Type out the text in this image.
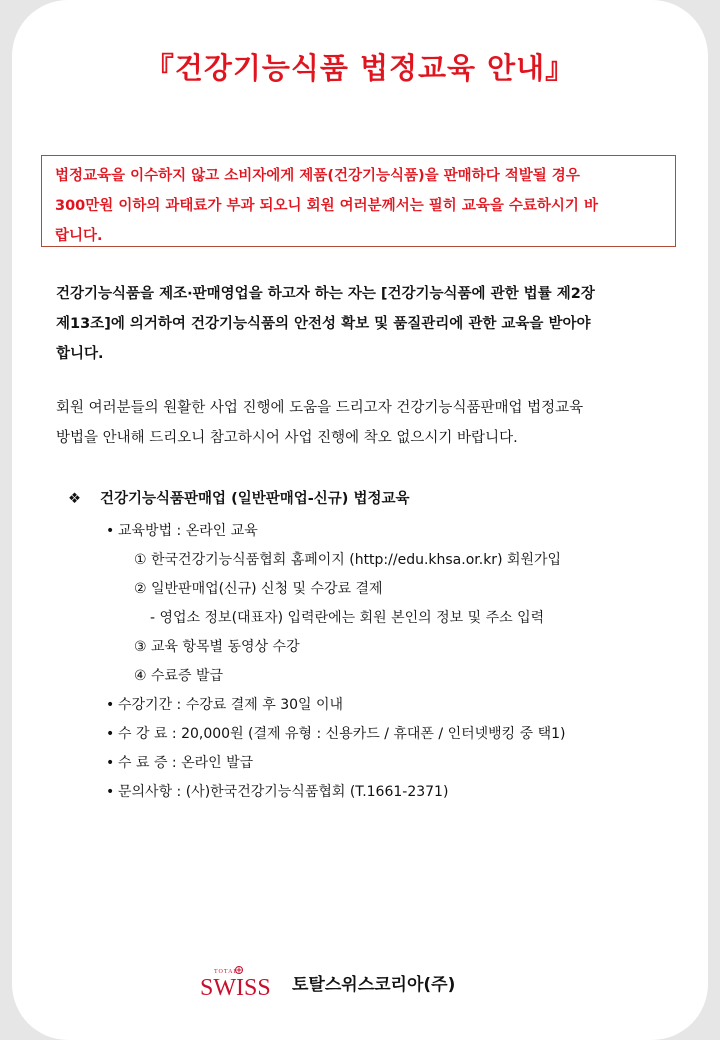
『건강기능식품 법정교육 안내』
법정교육을 이수하지 않고 소비자에게 제품(건강기능식품)을 판매하다 적발될 경우
300만원 이하의 과태료가 부과 되오니 회원 여러분께서는 필히 교육을 수료하시기 바
랍니다.
건강기능식품을 제조·판매영업을 하고자 하는 자는 [건강기능식품에 관한 법률 제2장
제13조]에 의거하여 건강기능식품의 안전성 확보 및 품질관리에 관한 교육을 받아야
합니다.
회원 여러분들의 원활한 사업 진행에 도움을 드리고자 건강기능식품판매업 법정교육
방법을 안내해 드리오니 참고하시어 사업 진행에 착오 없으시기 바랍니다.
❖ 건강기능식품판매업 (일반판매업-신규) 법정교육
• 교육방법 : 온라인 교육
① 한국건강기능식품협회 홈페이지 (http://edu.khsa.or.kr) 회원가입
② 일반판매업(신규) 신청 및 수강료 결제
- 영업소 정보(대표자) 입력란에는 회원 본인의 정보 및 주소 입력
③ 교육 항목별 동영상 수강
④ 수료증 발급
• 수강기간 : 수강료 결제 후 30일 이내
• 수 강 료 : 20,000원 (결제 유형 : 신용카드 / 휴대폰 / 인터넷뱅킹 중 택1)
• 수 료 증 : 온라인 발급
• 문의사항 : (사)한국건강기능식품협회 (T.1661-2371)
TOTAL
SWISS 토탈스위스코리아(주)
